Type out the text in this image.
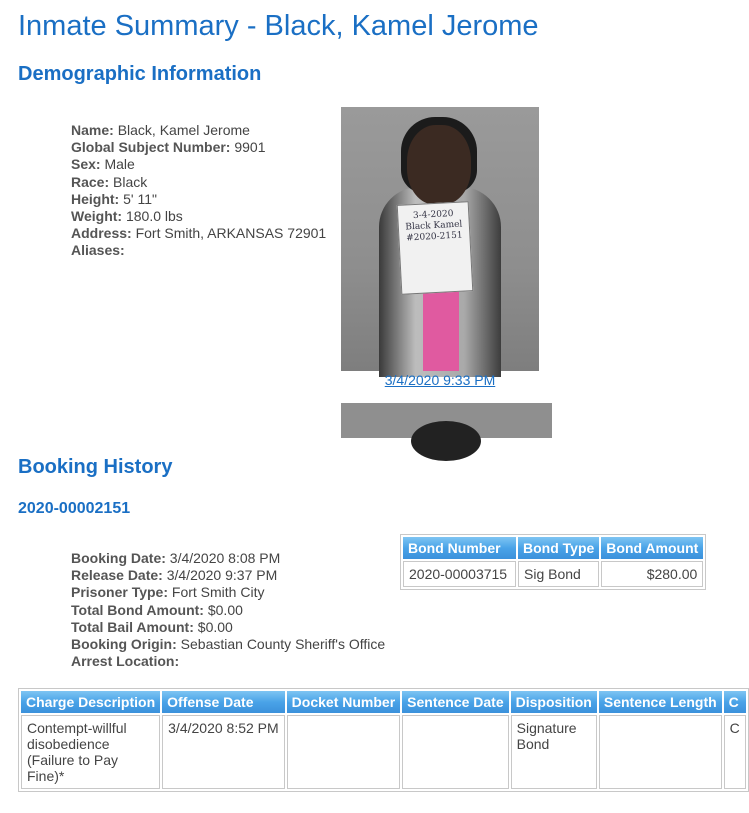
Inmate Summary - Black, Kamel Jerome
Demographic Information
Name: Black, Kamel Jerome
Global Subject Number: 9901
Sex: Male
Race: Black
Height: 5' 11"
Weight: 180.0 lbs
Address: Fort Smith, ARKANSAS 72901
Aliases:
3-4-2020
Black Kamel
#2020-2151
3/4/2020 9:33 PM
Booking History
2020-00002151
Booking Date: 3/4/2020 8:08 PM
Release Date: 3/4/2020 9:37 PM
Prisoner Type: Fort Smith City
Total Bond Amount: $0.00
Total Bail Amount: $0.00
Booking Origin: Sebastian County Sheriff's Office
Arrest Location:
Bond Number	Bond Type	Bond Amount
2020-00003715	Sig Bond	$280.00
Charge Description	Offense Date	Docket Number	Sentence Date	Disposition	Sentence Length	C
Contempt-willful disobedience (Failure to Pay Fine)*	3/4/2020 8:52 PM			Signature Bond		C
